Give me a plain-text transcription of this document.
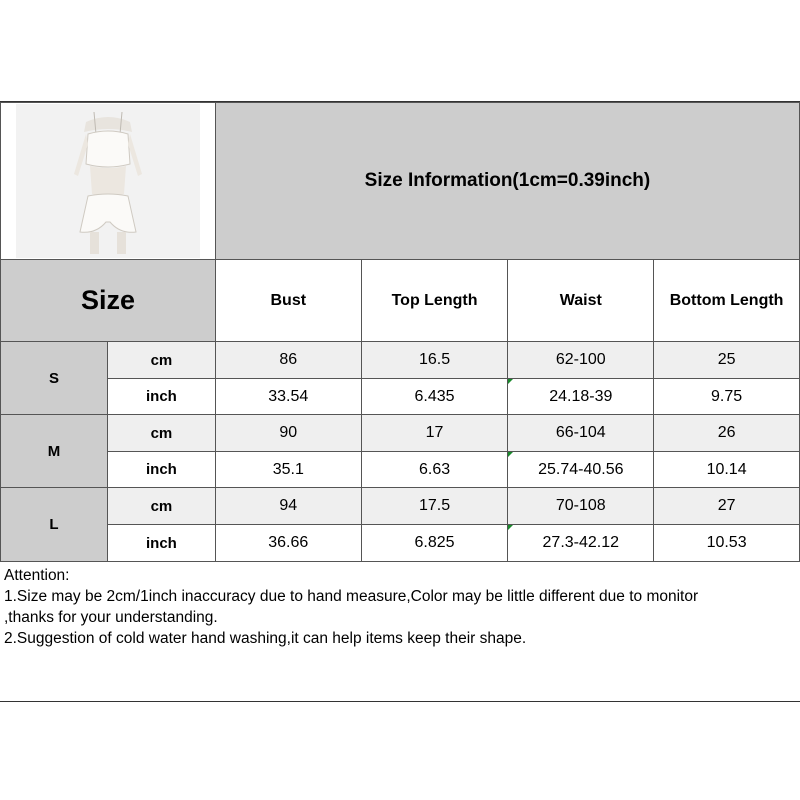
	Size Information(1cm=0.39inch)			
Size		Bust	Top Length	Waist	Bottom Length
S	cm	86	16.5	62-100	25
	inch	33.54	6.435	24.18-39	9.75
M	cm	90	17	66-104	26
	inch	35.1	6.63	25.74-40.56	10.14
L	cm	94	17.5	70-108	27
	inch	36.66	6.825	27.3-42.12	10.53
Attention:
1.Size may be 2cm/1inch inaccuracy due to hand measure,Color may be little different due to monitor
,thanks for your understanding.
2.Suggestion of cold water hand washing,it can help items keep their shape.
